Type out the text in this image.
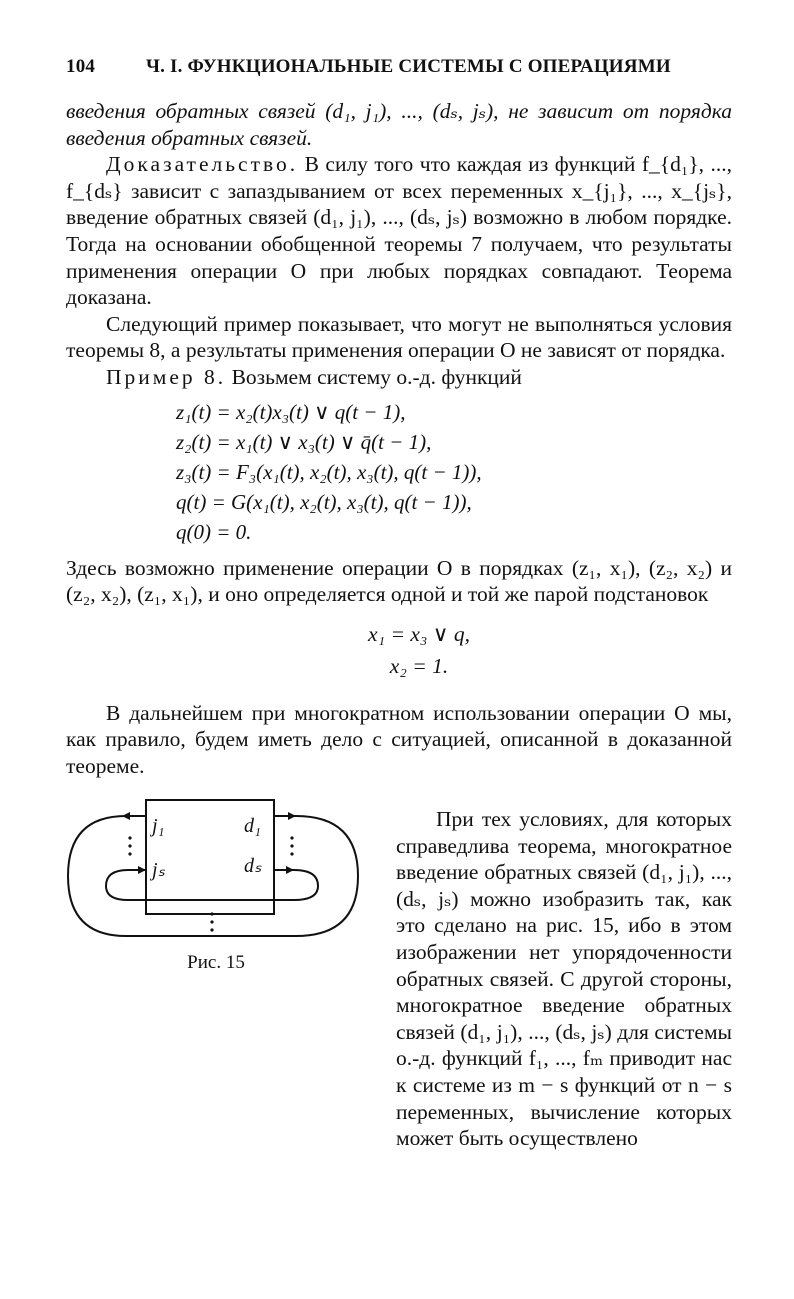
104	Ч. I. ФУНКЦИОНАЛЬНЫЕ СИСТЕМЫ С ОПЕРАЦИЯМИ

введения обратных связей (d₁, j₁), ..., (dₛ, jₛ), не зависит от порядка введения обратных связей.

Доказательство. В силу того что каждая из функций f_{d₁}, ..., f_{dₛ} зависит с запаздыванием от всех переменных x_{j₁}, ..., x_{jₛ}, введение обратных связей (d₁, j₁), ..., (dₛ, jₛ) возможно в любом порядке. Тогда на основании обобщенной теоремы 7 получаем, что результаты применения операции O при любых порядках совпадают. Теорема доказана.

Следующий пример показывает, что могут не выполняться условия теоремы 8, а результаты применения операции O не зависят от порядка.

Пример 8. Возьмем систему о.-д. функций

z₁(t) = x₂(t)x₃(t) ∨ q(t − 1),
z₂(t) = x₁(t) ∨ x₃(t) ∨ q̄(t − 1),
z₃(t) = F₃(x₁(t), x₂(t), x₃(t), q(t − 1)),
q(t) = G(x₁(t), x₂(t), x₃(t), q(t − 1)),
q(0) = 0.

Здесь возможно применение операции O в порядках (z₁, x₁), (z₂, x₂) и (z₂, x₂), (z₁, x₁), и оно определяется одной и той же парой подстановок

x₁ = x₃ ∨ q,
x₂ = 1.

В дальнейшем при многократном использовании операции O мы, как правило, будем иметь дело с ситуацией, описанной в доказанной теореме.

j₁
jₛ
d₁
dₛ
Рис. 15

При тех условиях, для которых справедлива теорема, многократное введение обратных связей (d₁, j₁), ..., (dₛ, jₛ) можно изобразить так, как это сделано на рис. 15, ибо в этом изображении нет упорядоченности обратных связей. С другой стороны, многократное введение обратных связей (d₁, j₁), ..., (dₛ, jₛ) для системы о.-д. функций f₁, ..., fₘ приводит нас к системе из m − s функций от n − s переменных, вычисление которых может быть осуществлено
